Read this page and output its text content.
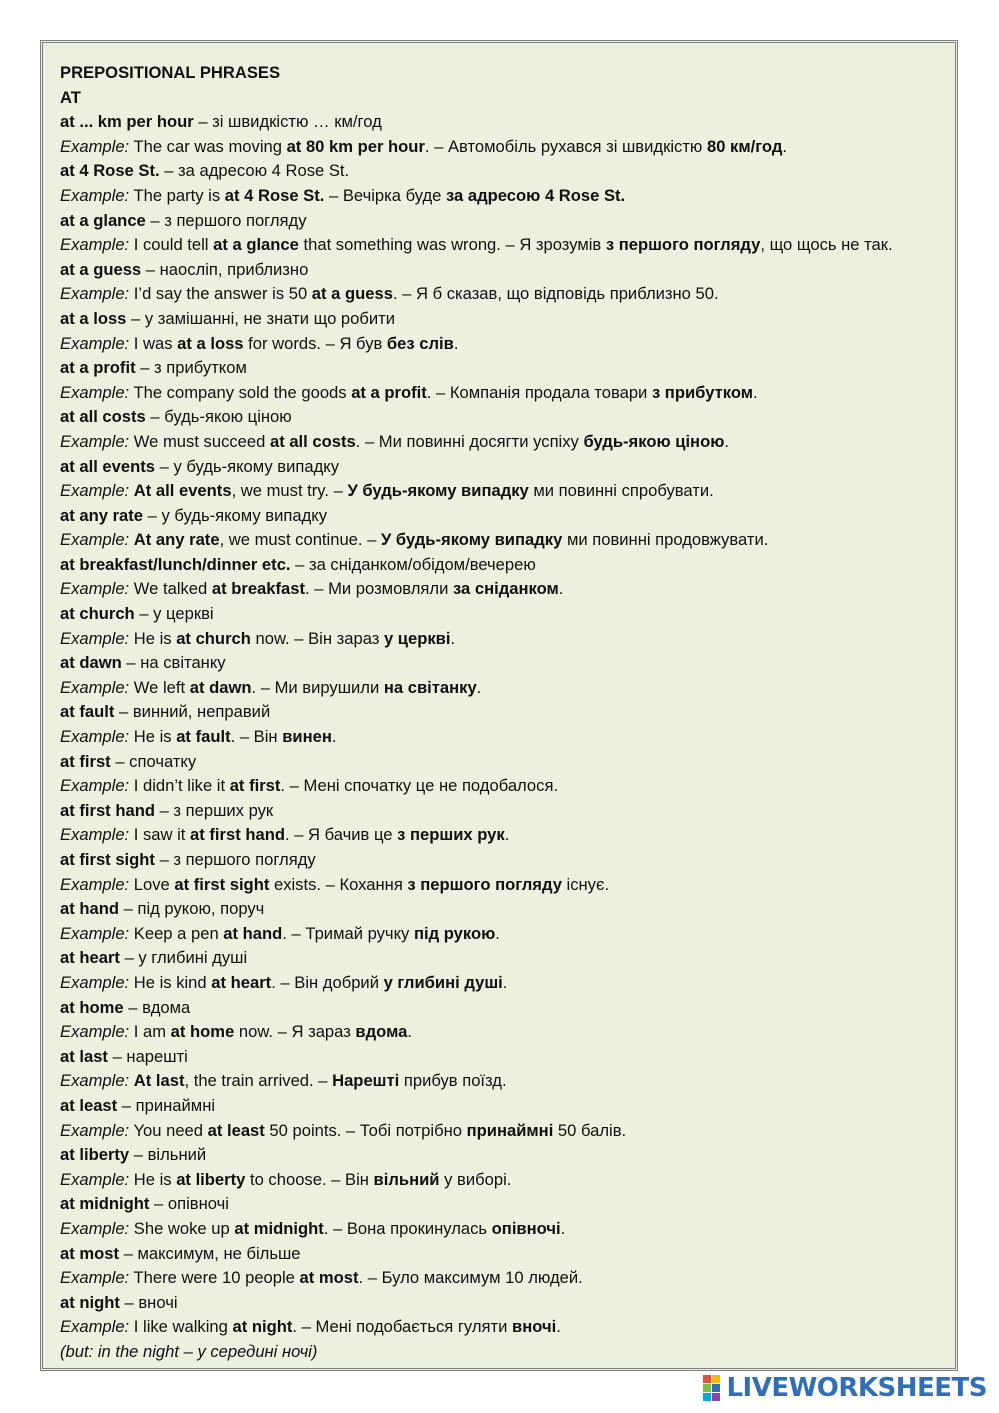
PREPOSITIONAL PHRASES
AT
at ... km per hour – зі швидкістю … км/год
Example: The car was moving at 80 km per hour. – Автомобіль рухався зі швидкістю 80 км/год.
at 4 Rose St. – за адресою 4 Rose St.
Example: The party is at 4 Rose St. – Вечірка буде за адресою 4 Rose St.
at a glance – з першого погляду
Example: I could tell at a glance that something was wrong. – Я зрозумів з першого погляду, що щось не так.
at a guess – наосліп, приблизно
Example: I’d say the answer is 50 at a guess. – Я б сказав, що відповідь приблизно 50.
at a loss – у замішанні, не знати що робити
Example: I was at a loss for words. – Я був без слів.
at a profit – з прибутком
Example: The company sold the goods at a profit. – Компанія продала товари з прибутком.
at all costs – будь-якою ціною
Example: We must succeed at all costs. – Ми повинні досягти успіху будь-якою ціною.
at all events – у будь-якому випадку
Example: At all events, we must try. – У будь-якому випадку ми повинні спробувати.
at any rate – у будь-якому випадку
Example: At any rate, we must continue. – У будь-якому випадку ми повинні продовжувати.
at breakfast/lunch/dinner etc. – за сніданком/обідом/вечерею
Example: We talked at breakfast. – Ми розмовляли за сніданком.
at church – у церкві
Example: He is at church now. – Він зараз у церкві.
at dawn – на світанку
Example: We left at dawn. – Ми вирушили на світанку.
at fault – винний, неправий
Example: He is at fault. – Він винен.
at first – спочатку
Example: I didn’t like it at first. – Мені спочатку це не подобалося.
at first hand – з перших рук
Example: I saw it at first hand. – Я бачив це з перших рук.
at first sight – з першого погляду
Example: Love at first sight exists. – Кохання з першого погляду існує.
at hand – під рукою, поруч
Example: Keep a pen at hand. – Тримай ручку під рукою.
at heart – у глибині душі
Example: He is kind at heart. – Він добрий у глибині душі.
at home – вдома
Example: I am at home now. – Я зараз вдома.
at last – нарешті
Example: At last, the train arrived. – Нарешті прибув поїзд.
at least – принаймні
Example: You need at least 50 points. – Тобі потрібно принаймні 50 балів.
at liberty – вільний
Example: He is at liberty to choose. – Він вільний у виборі.
at midnight – опівночі
Example: She woke up at midnight. – Вона прокинулась опівночі.
at most – максимум, не більше
Example: There were 10 people at most. – Було максимум 10 людей.
at night – вночі
Example: I like walking at night. – Мені подобається гуляти вночі.
(but: in the night – у середині ночі)
LIVEWORKSHEETS
